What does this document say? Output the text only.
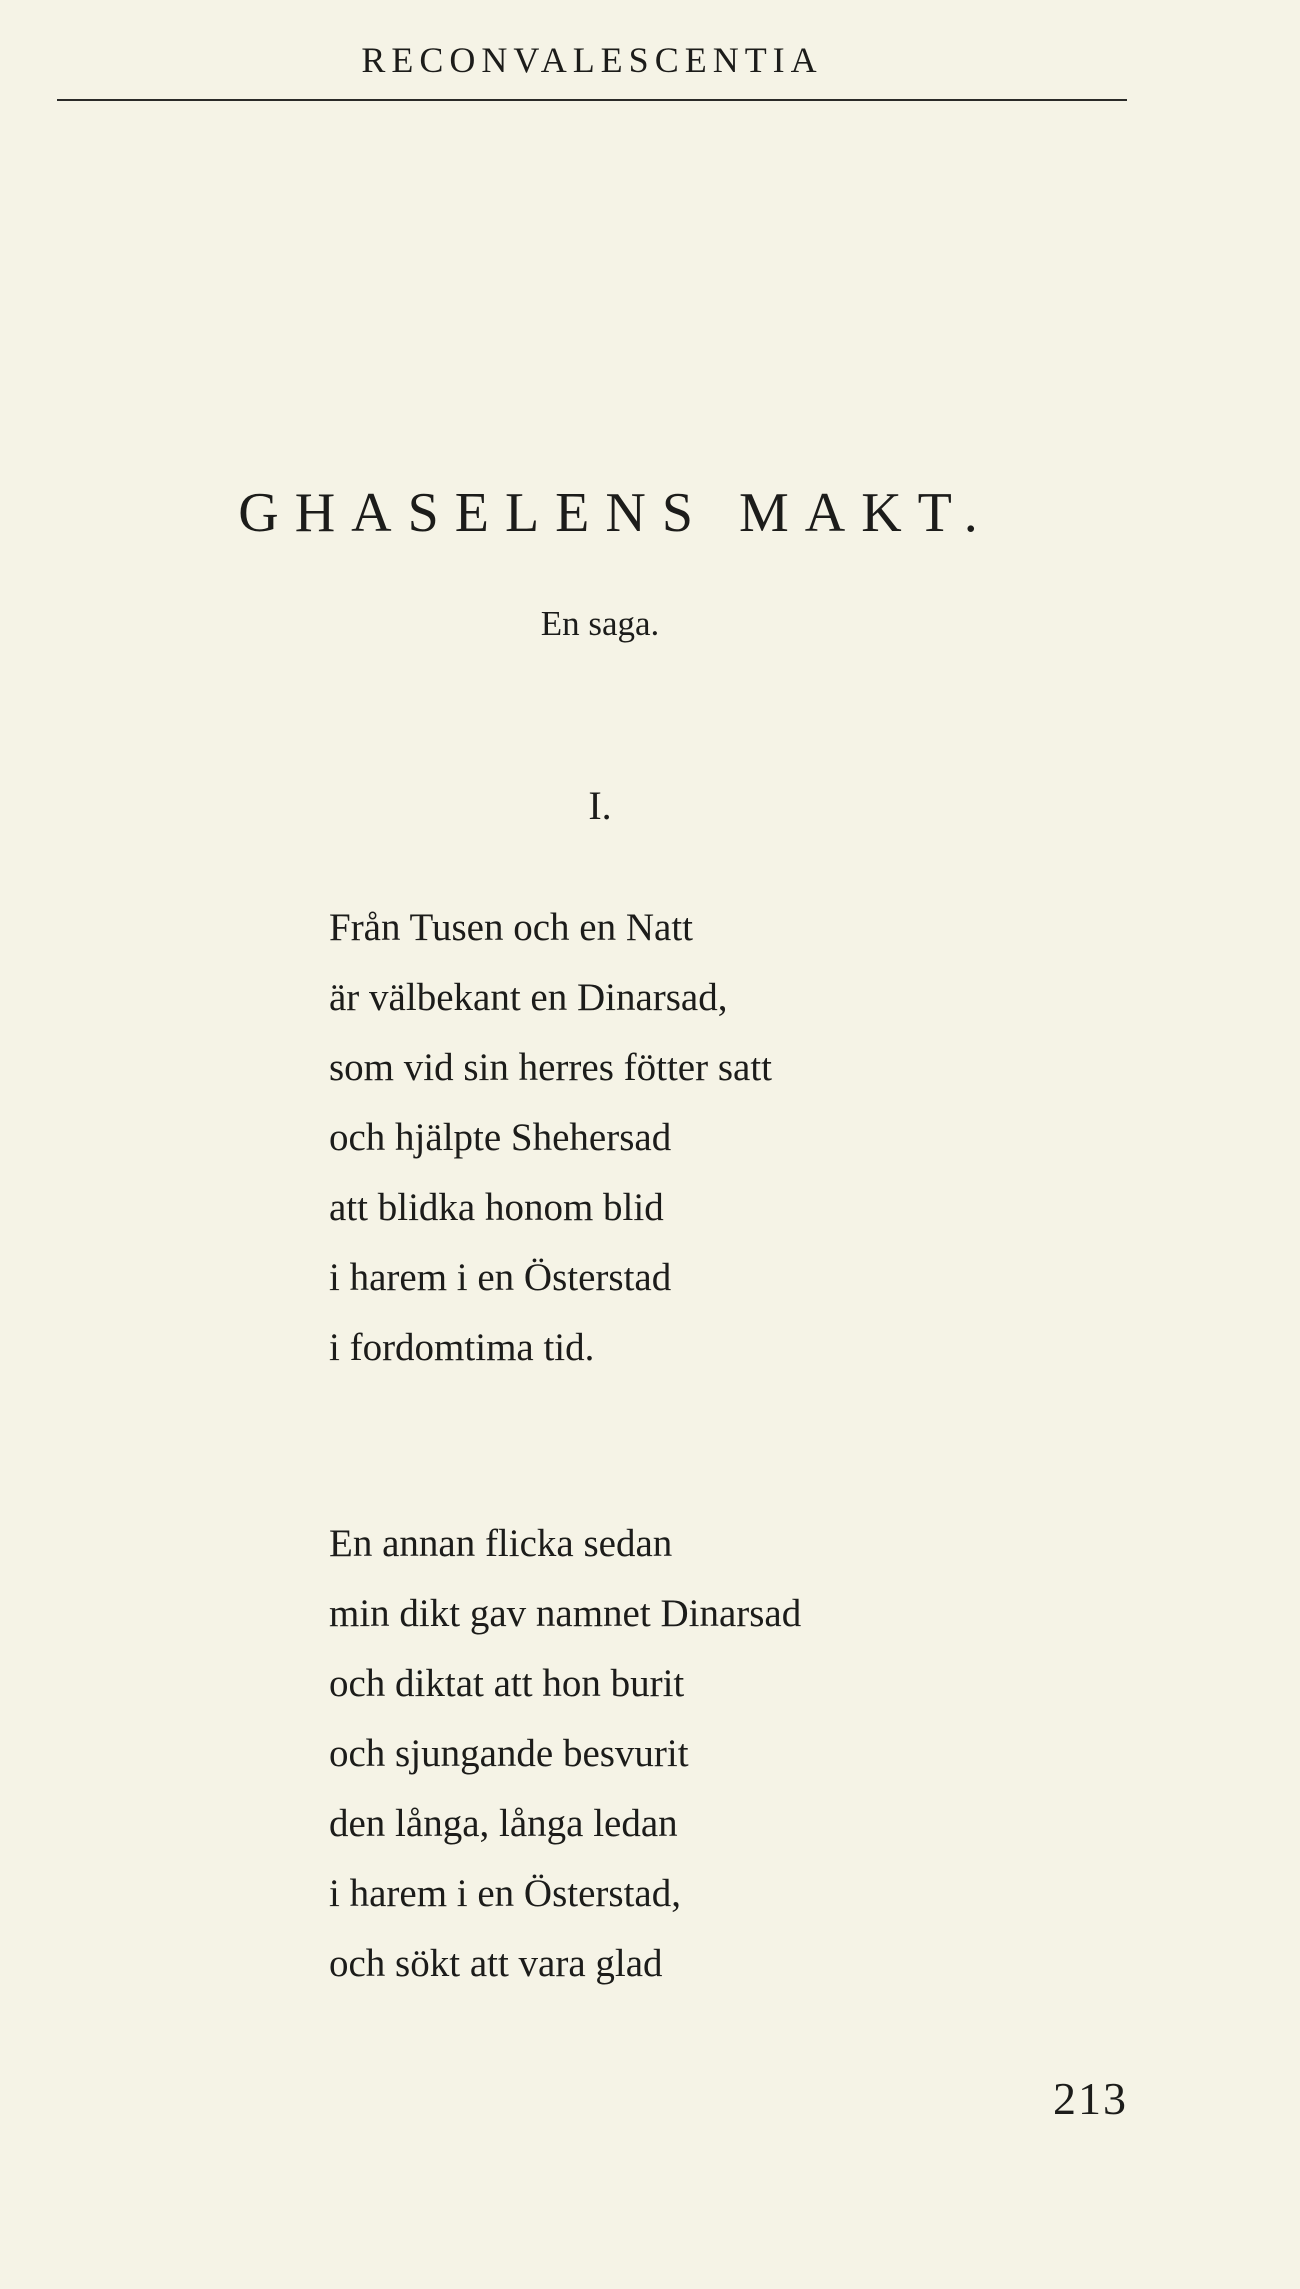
RECONVALESCENTIA
GHASELENS MAKT.
En saga.
I.
Från Tusen och en Natt
är välbekant en Dinarsad,
som vid sin herres fötter satt
och hjälpte Shehersad
att blidka honom blid
i harem i en Österstad
i fordomtima tid.
En annan flicka sedan
min dikt gav namnet Dinarsad
och diktat att hon burit
och sjungande besvurit
den långa, långa ledan
i harem i en Österstad,
och sökt att vara glad
213
